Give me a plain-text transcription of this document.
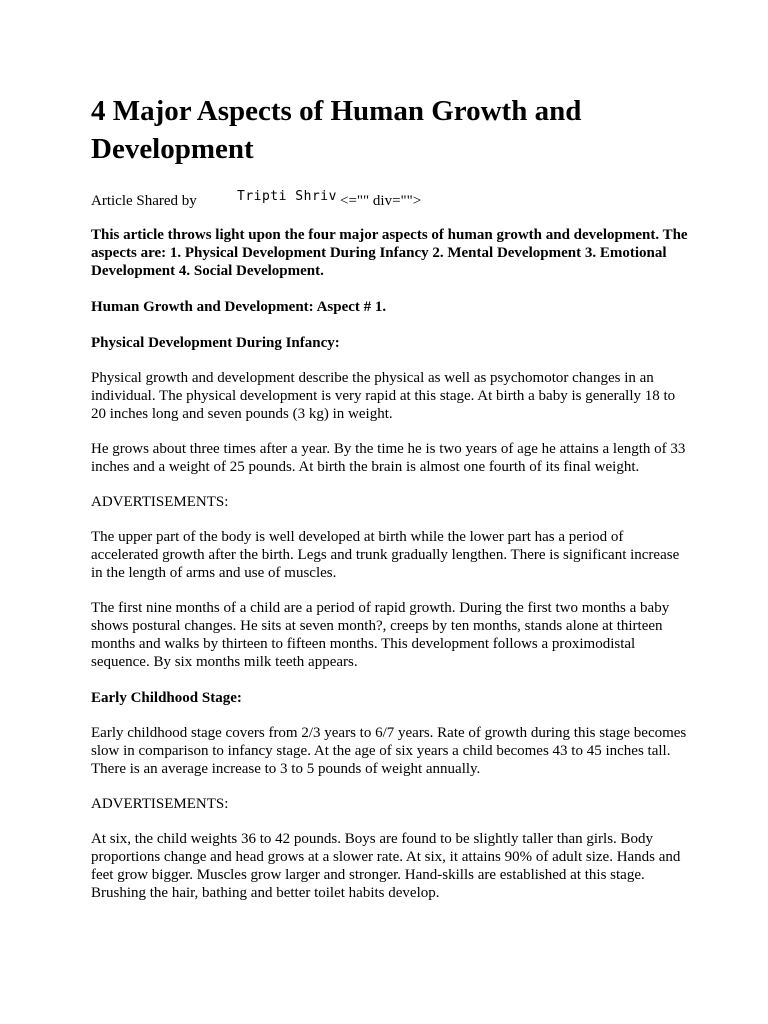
4 Major Aspects of Human Growth and Development
Article Shared by	Tripti Shriv <="" div="">

This article throws light upon the four major aspects of human growth and development. The aspects are: 1. Physical Development During Infancy 2. Mental Development 3. Emotional Development 4. Social Development.

Human Growth and Development: Aspect # 1.

Physical Development During Infancy:

Physical growth and development describe the physical as well as psychomotor changes in an individual. The physical development is very rapid at this stage. At birth a baby is generally 18 to 20 inches long and seven pounds (3 kg) in weight.

He grows about three times after a year. By the time he is two years of age he attains a length of 33 inches and a weight of 25 pounds. At birth the brain is almost one fourth of its final weight.

ADVERTISEMENTS:

The upper part of the body is well developed at birth while the lower part has a period of accelerated growth after the birth. Legs and trunk gradually lengthen. There is significant increase in the length of arms and use of muscles.

The first nine months of a child are a period of rapid growth. During the first two months a baby shows postural changes. He sits at seven month?, creeps by ten months, stands alone at thirteen months and walks by thirteen to fifteen months. This development follows a proximodistal sequence. By six months milk teeth appears.

Early Childhood Stage:

Early childhood stage covers from 2/3 years to 6/7 years. Rate of growth during this stage becomes slow in comparison to infancy stage. At the age of six years a child becomes 43 to 45 inches tall. There is an average increase to 3 to 5 pounds of weight annually.

ADVERTISEMENTS:

At six, the child weights 36 to 42 pounds. Boys are found to be slightly taller than girls. Body proportions change and head grows at a slower rate. At six, it attains 90% of adult size. Hands and feet grow bigger. Muscles grow larger and stronger. Hand-skills are established at this stage. Brushing the hair, bathing and better toilet habits develop.
